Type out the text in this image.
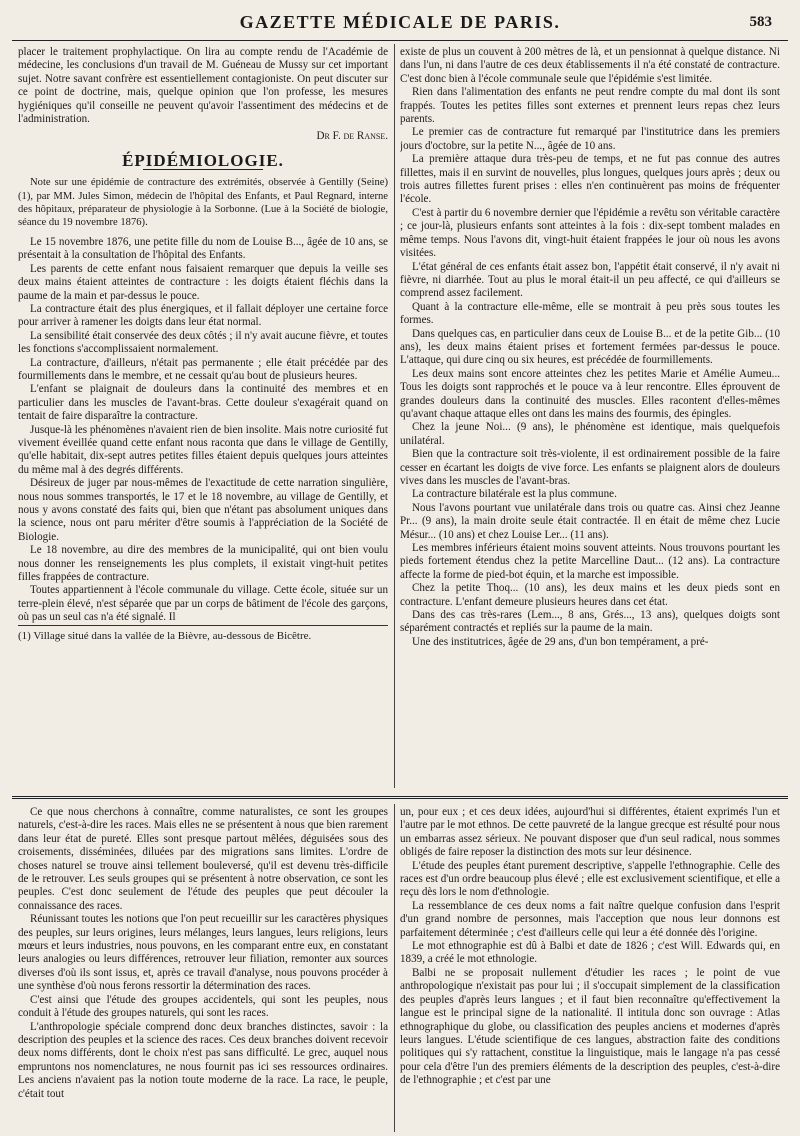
GAZETTE MÉDICALE DE PARIS.	583

placer le traitement prophylactique. On lira au compte rendu de l'Académie de médecine, les conclusions d'un travail de M. Guéneau de Mussy sur cet important sujet. Notre savant confrère est essentiellement contagioniste. On peut discuter sur ce point de doctrine, mais, quelque opinion que l'on professe, les mesures hygiéniques qu'il conseille ne peuvent qu'avoir l'assentiment des médecins et de l'administration.

Dr F. de Ranse.

ÉPIDÉMIOLOGIE.

Note sur une épidémie de contracture des extrémités, observée à Gentilly (Seine) (1), par MM. Jules Simon, médecin de l'hôpital des Enfants, et Paul Regnard, interne des hôpitaux, préparateur de physiologie à la Sorbonne. (Lue à la Société de biologie, séance du 19 novembre 1876).

Le 15 novembre 1876, une petite fille du nom de Louise B..., âgée de 10 ans, se présentait à la consultation de l'hôpital des Enfants.

Les parents de cette enfant nous faisaient remarquer que depuis la veille ses deux mains étaient atteintes de contracture : les doigts étaient fléchis dans la paume de la main et par-dessus le pouce.

La contracture était des plus énergiques, et il fallait déployer une certaine force pour arriver à ramener les doigts dans leur état normal.

La sensibilité était conservée des deux côtés ; il n'y avait aucune fièvre, et toutes les fonctions s'accomplissaient normalement.

La contracture, d'ailleurs, n'était pas permanente ; elle était précédée par des fourmillements dans le membre, et ne cessait qu'au bout de plusieurs heures.

L'enfant se plaignait de douleurs dans la continuité des membres et en particulier dans les muscles de l'avant-bras. Cette douleur s'exagérait quand on tentait de faire disparaître la contracture.

Jusque-là les phénomènes n'avaient rien de bien insolite. Mais notre curiosité fut vivement éveillée quand cette enfant nous raconta que dans le village de Gentilly, qu'elle habitait, dix-sept autres petites filles étaient depuis quelques jours atteintes du même mal à des degrés différents.

Désireux de juger par nous-mêmes de l'exactitude de cette narration singulière, nous nous sommes transportés, le 17 et le 18 novembre, au village de Gentilly, et nous y avons constaté des faits qui, bien que n'étant pas absolument uniques dans la science, nous ont paru mériter d'être soumis à l'appréciation de la Société de Biologie.

Le 18 novembre, au dire des membres de la municipalité, qui ont bien voulu nous donner les renseignements les plus complets, il existait vingt-huit petites filles frappées de contracture.

Toutes appartiennent à l'école communale du village. Cette école, située sur un terre-plein élevé, n'est séparée que par un corps de bâtiment de l'école des garçons, où pas un seul cas n'a été signalé. Il

(1) Village situé dans la vallée de la Bièvre, au-dessous de Bicêtre.

existe de plus un couvent à 200 mètres de là, et un pensionnat à quelque distance. Ni dans l'un, ni dans l'autre de ces deux établissements il n'a été constaté de contracture. C'est donc bien à l'école communale seule que l'épidémie s'est limitée.

Rien dans l'alimentation des enfants ne peut rendre compte du mal dont ils sont frappés. Toutes les petites filles sont externes et prennent leurs repas chez leurs parents.

Le premier cas de contracture fut remarqué par l'institutrice dans les premiers jours d'octobre, sur la petite N..., âgée de 10 ans.

La première attaque dura très-peu de temps, et ne fut pas connue des autres fillettes, mais il en survint de nouvelles, plus longues, quelques jours après ; deux ou trois autres fillettes furent prises : elles n'en continuèrent pas moins de fréquenter l'école.

C'est à partir du 6 novembre dernier que l'épidémie a revêtu son véritable caractère ; ce jour-là, plusieurs enfants sont atteintes à la fois : dix-sept tombent malades en même temps. Nous l'avons dit, vingt-huit étaient frappées le jour où nous les avons visitées.

L'état général de ces enfants était assez bon, l'appétit était conservé, il n'y avait ni fièvre, ni diarrhée. Tout au plus le moral était-il un peu affecté, ce qui d'ailleurs se comprend assez facilement.

Quant à la contracture elle-même, elle se montrait à peu près sous toutes les formes.

Dans quelques cas, en particulier dans ceux de Louise B... et de la petite Gib... (10 ans), les deux mains étaient prises et fortement fermées par-dessus le pouce. L'attaque, qui dure cinq ou six heures, est précédée de fourmillements.

Les deux mains sont encore atteintes chez les petites Marie et Amélie Aumeu... Tous les doigts sont rapprochés et le pouce va à leur rencontre. Elles éprouvent de grandes douleurs dans la continuité des muscles. Elles racontent d'elles-mêmes qu'avant chaque attaque elles ont dans les mains des fourmis, des épingles.

Chez la jeune Noi... (9 ans), le phénomène est identique, mais quelquefois unilatéral.

Bien que la contracture soit très-violente, il est ordinairement possible de la faire cesser en écartant les doigts de vive force. Les enfants se plaignent alors de douleurs vives dans les muscles de l'avant-bras.

La contracture bilatérale est la plus commune.

Nous l'avons pourtant vue unilatérale dans trois ou quatre cas. Ainsi chez Jeanne Pr... (9 ans), la main droite seule était contractée. Il en était de même chez Lucie Mésur... (10 ans) et chez Louise Ler... (11 ans).

Les membres inférieurs étaient moins souvent atteints. Nous trouvons pourtant les pieds fortement étendus chez la petite Marcelline Daut... (12 ans). La contracture affecte la forme de pied-bot équin, et la marche est impossible.

Chez la petite Thoq... (10 ans), les deux mains et les deux pieds sont en contracture. L'enfant demeure plusieurs heures dans cet état.

Dans des cas très-rares (Lem..., 8 ans, Grés..., 13 ans), quelques doigts sont séparément contractés et repliés sur la paume de la main.

Une des institutrices, âgée de 29 ans, d'un bon tempérament, a pré-

Ce que nous cherchons à connaître, comme naturalistes, ce sont les groupes naturels, c'est-à-dire les races. Mais elles ne se présentent à nous que bien rarement dans leur état de pureté. Elles sont presque partout mêlées, déguisées sous des croisements, disséminées, diluées par des migrations sans limites. L'ordre de choses naturel se trouve ainsi tellement bouleversé, qu'il est devenu très-difficile de le retrouver. Les seuls groupes qui se présentent à notre observation, ce sont les peuples. C'est donc seulement de l'étude des peuples que peut découler la connaissance des races.

Réunissant toutes les notions que l'on peut recueillir sur les caractères physiques des peuples, sur leurs origines, leurs mélanges, leurs langues, leurs religions, leurs mœurs et leurs industries, nous pouvons, en les comparant entre eux, en constatant leurs analogies ou leurs différences, retrouver leur filiation, remonter aux sources diverses d'où ils sont issus, et, après ce travail d'analyse, nous pouvons procéder à une synthèse d'où nous ferons ressortir la détermination des races.

C'est ainsi que l'étude des groupes accidentels, qui sont les peuples, nous conduit à l'étude des groupes naturels, qui sont les races.

L'anthropologie spéciale comprend donc deux branches distinctes, savoir : la description des peuples et la science des races. Ces deux branches doivent recevoir deux noms différents, dont le choix n'est pas sans difficulté. Le grec, auquel nous empruntons nos nomenclatures, ne nous fournit pas ici ses ressources ordinaires. Les anciens n'avaient pas la notion toute moderne de la race. La race, le peuple, c'était tout

un, pour eux ; et ces deux idées, aujourd'hui si différentes, étaient exprimés l'un et l'autre par le mot ethnos. De cette pauvreté de la langue grecque est résulté pour nous un embarras assez sérieux. Ne pouvant disposer que d'un seul radical, nous sommes obligés de faire reposer la distinction des mots sur leur désinence.

L'étude des peuples étant purement descriptive, s'appelle l'ethnographie. Celle des races est d'un ordre beaucoup plus élevé ; elle est exclusivement scientifique, et elle a reçu dès lors le nom d'ethnologie.

La ressemblance de ces deux noms a fait naître quelque confusion dans l'esprit d'un grand nombre de personnes, mais l'acception que nous leur donnons est parfaitement déterminée ; c'est d'ailleurs celle qui leur a été donnée dès l'origine.

Le mot ethnographie est dû à Balbi et date de 1826 ; c'est Will. Edwards qui, en 1839, a créé le mot ethnologie.

Balbi ne se proposait nullement d'étudier les races ; le point de vue anthropologique n'existait pas pour lui ; il s'occupait simplement de la classification des peuples d'après leurs langues ; et il faut bien reconnaître qu'effectivement la langue est le principal signe de la nationalité. Il intitula donc son ouvrage : Atlas ethnographique du globe, ou classification des peuples anciens et modernes d'après leurs langues. L'étude scientifique de ces langues, abstraction faite des conditions politiques qui s'y rattachent, constitue la linguistique, mais le langage n'a pas cessé pour cela d'être l'un des premiers éléments de la description des peuples, c'est-à-dire de l'ethnographie ; et c'est par une
